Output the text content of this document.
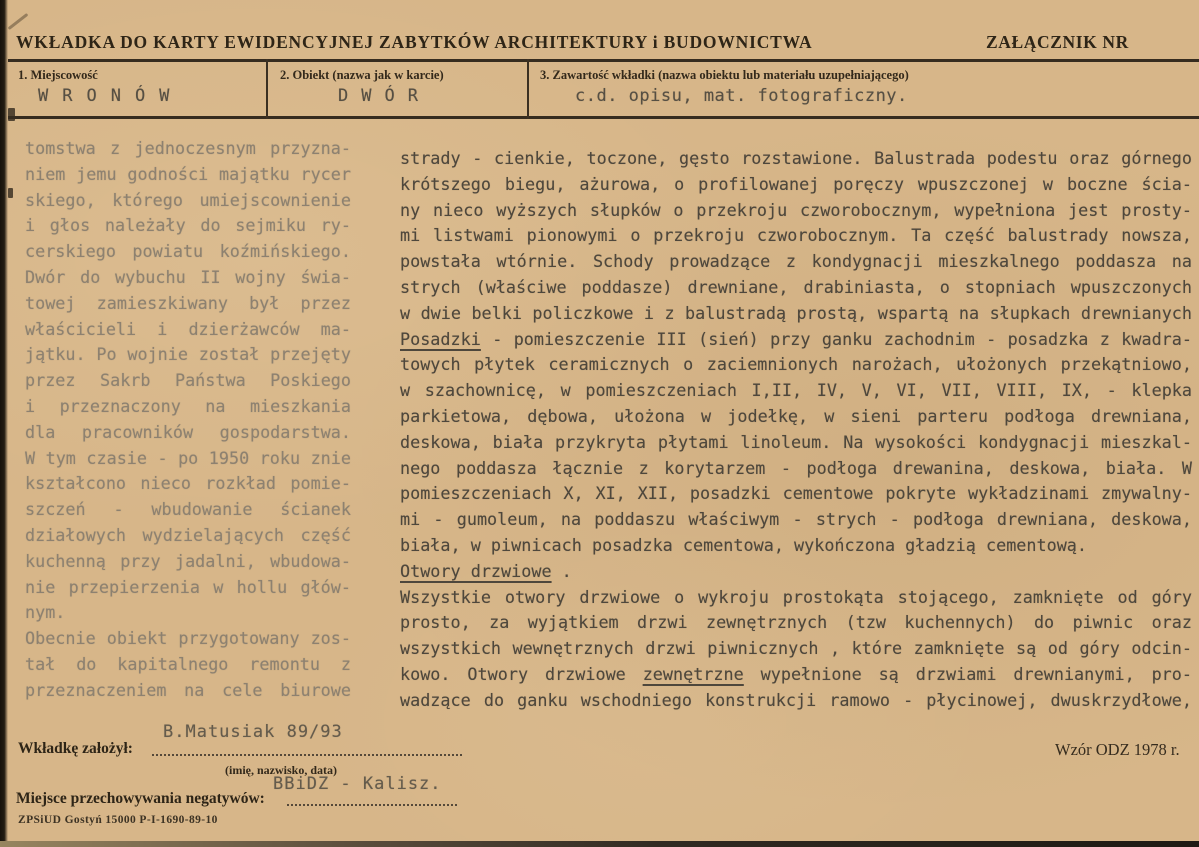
WKŁADKA DO KARTY EWIDENCYJNEJ ZABYTKÓW ARCHITEKTURY i BUDOWNICTWA	ZAŁĄCZNIK NR
1. Miejscowość	2. Obiekt (nazwa jak w karcie)	3. Zawartość wkładki (nazwa obiektu lub materiału uzupełniającego)
WRONÓW	DWÓR	c.d. opisu, mat. fotograficzny.
tomstwa z jednoczesnym przyzna-
niem jemu godności majątku rycer
skiego, którego umiejscownienie
i głos należały do sejmiku ry-
cerskiego powiatu koźmińskiego.
Dwór do wybuchu II wojny świa-
towej zamieszkiwany był przez
właścicieli i dzierżawców ma-
jątku. Po wojnie został przejęty
przez Sakrb Państwa Poskiego
i przeznaczony na mieszkania
dla pracowników gospodarstwa.
W tym czasie - po 1950 roku znie
kształcono nieco rozkład pomie-
szczeń - wbudowanie ścianek
działowych wydzielających część
kuchenną przy jadalni, wbudowa-
nie przepierzenia w hollu głów-
nym.
Obecnie obiekt przygotowany zos-
tał do kapitalnego remontu z
przeznaczeniem na cele biurowe
strady - cienkie, toczone, gęsto rozstawione. Balustrada podestu oraz górnego
krótszego biegu, ażurowa, o profilowanej poręczy wpuszczonej w boczne ścia-
ny nieco wyższych słupków o przekroju czworobocznym, wypełniona jest prosty-
mi listwami pionowymi o przekroju czworobocznym. Ta część balustrady nowsza,
powstała wtórnie. Schody prowadzące z kondygnacji mieszkalnego poddasza na
strych (właściwe poddasze) drewniane, drabiniasta, o stopniach wpuszczonych
w dwie belki policzkowe i z balustradą prostą, wspartą na słupkach drewnianych
Posadzki - pomieszczenie III (sień) przy ganku zachodnim - posadzka z kwadra-
towych płytek ceramicznych o zaciemnionych narożach, ułożonych przekątniowo,
w szachownicę, w pomieszczeniach I,II, IV, V, VI, VII, VIII, IX, - klepka
parkietowa, dębowa, ułożona w jodełkę, w sieni parteru podłoga drewniana,
deskowa, biała przykryta płytami linoleum. Na wysokości kondygnacji mieszkal-
nego poddasza łącznie z korytarzem - podłoga drewanina, deskowa, biała. W
pomieszczeniach X, XI, XII, posadzki cementowe pokryte wykładzinami zmywalny-
mi - gumoleum, na poddaszu właściwym - strych - podłoga drewniana, deskowa,
biała, w piwnicach posadzka cementowa, wykończona gładzią cementową.
Otwory drzwiowe .
Wszystkie otwory drzwiowe o wykroju prostokąta stojącego, zamknięte od góry
prosto, za wyjątkiem drzwi zewnętrznych (tzw kuchennych) do piwnic oraz
wszystkich wewnętrznych drzwi piwnicznych , które zamknięte są od góry odcin-
kowo. Otwory drzwiowe zewnętrzne wypełnione są drzwiami drewnianymi, pro-
wadzące do ganku wschodniego konstrukcji ramowo - płycinowej, dwuskrzydłowe,
B.Matusiak 89/93
Wkładkę założył:
(imię, nazwisko, data)
BBiDZ - Kalisz.
Miejsce przechowywania negatywów:
ZPSiUD Gostyń 15000 P-I-1690-89-10
Wzór ODZ 1978 r.
